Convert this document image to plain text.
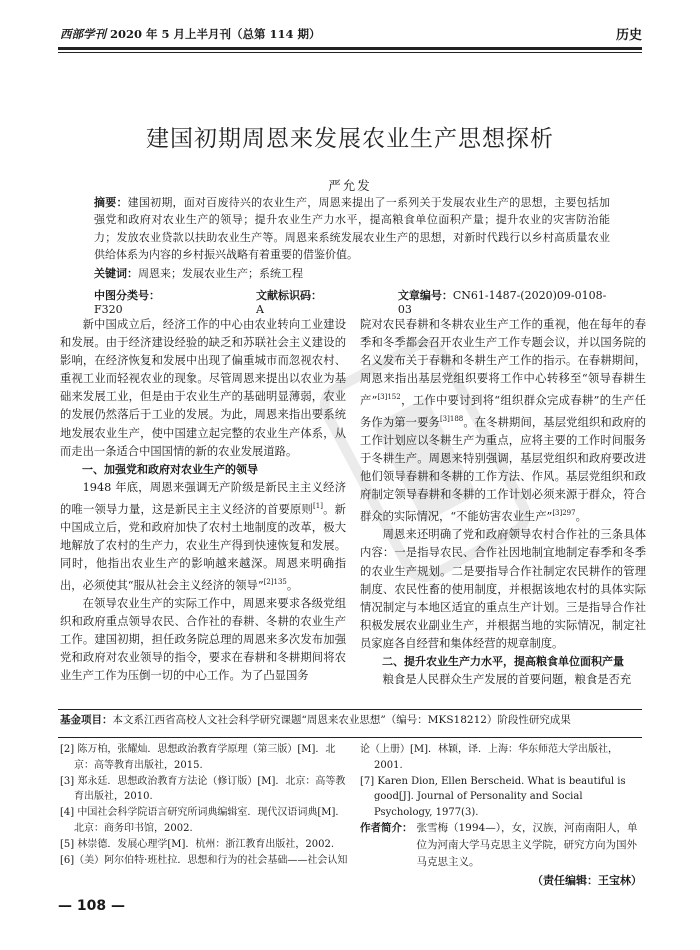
西部学刊 2020 年 5 月上半月刊（总第 114 期）	历史
建国初期周恩来发展农业生产思想探析
严允发
摘要：建国初期，面对百废待兴的农业生产，周恩来提出了一系列关于发展农业生产的思想，主要包括加强党和政府对农业生产的领导；提升农业生产力水平，提高粮食单位面积产量；提升农业的灾害防治能力；发放农业贷款以扶助农业生产等。周恩来系统发展农业生产的思想，对新时代践行以乡村高质量农业供给体系为内容的乡村振兴战略有着重要的借鉴价值。
关键词：周恩来；发展农业生产；系统工程
中图分类号：F320
文献标识码：A
文章编号：CN61-1487-(2020)09-0108-03

新中国成立后，经济工作的中心由农业转向工业建设和发展。由于经济建设经验的缺乏和苏联社会主义建设的影响，在经济恢复和发展中出现了偏重城市而忽视农村、重视工业而轻视农业的现象。尽管周恩来提出以农业为基础来发展工业，但是由于农业生产的基础明显薄弱，农业的发展仍然落后于工业的发展。为此，周恩来指出要系统地发展农业生产，使中国建立起完整的农业生产体系，从而走出一条适合中国国情的新的农业发展道路。

一、加强党和政府对农业生产的领导

1948 年底，周恩来强调无产阶级是新民主主义经济的唯一领导力量，这是新民主主义经济的首要原则[1]。新中国成立后，党和政府加快了农村土地制度的改革，极大地解放了农村的生产力，农业生产得到快速恢复和发展。同时，他指出农业生产的影响越来越深。周恩来明确指出，必须使其“服从社会主义经济的领导”$^{[2]135}$。

在领导农业生产的实际工作中，周恩来要求各级党组织和政府重点领导农民、合作社的春耕、冬耕的农业生产工作。建国初期，担任政务院总理的周恩来多次发布加强党和政府对农业领导的指令，要求在春耕和冬耕期间将农业生产工作为压倒一切的中心工作。为了凸显国务

院对农民春耕和冬耕农业生产工作的重视，他在每年的春季和冬季都会召开农业生产工作专题会议，并以国务院的名义发布关于春耕和冬耕生产工作的指示。在春耕期间，周恩来指出基层党组织要将工作中心转移至“领导春耕生产”$^{[3]152}$，工作中要讨到将“组织群众完成春耕”的生产任务作为第一要务$^{[3]188}$。在冬耕期间，基层党组织和政府的工作计划应以冬耕生产为重点，应将主要的工作时间服务于冬耕生产。周恩来特别强调，基层党组织和政府要改进他们领导春耕和冬耕的工作方法、作风。基层党组织和政府制定领导春耕和冬耕的工作计划必须来源于群众，符合群众的实际情况，“不能妨害农业生产”$^{[3]297}$。

周恩来还明确了党和政府领导农村合作社的三条具体内容：一是指导农民、合作社因地制宜地制定春季和冬季的农业生产规划。二是要指导合作社制定农民耕作的管理制度、农民性畜的使用制度，并根据该地农村的具体实际情况制定与本地区适宜的重点生产计划。三是指导合作社积极发展农业副业生产，并根据当地的实际情况，制定社员家庭各自经营和集体经营的规章制度。

二、提升农业生产力水平，提高粮食单位面积产量

粮食是人民群众生产发展的首要问题，粮食是否充

基金项目：本文系江西省高校人文社会科学研究课题“周恩来农业思想”（编号：MKS18212）阶段性研究成果
[2] 陈万柏，张耀灿．思想政治教育学原理（第三版）[M]．北京：高等教育出版社，2015.
[3] 郑永廷．思想政治教育方法论（修订版）[M]．北京：高等教育出版社，2010.
[4] 中国社会科学院语言研究所词典编辑室．现代汉语词典[M]．北京：商务印书馆，2002.
[5] 林崇德．发展心理学[M]．杭州：浙江教育出版社，2002.
[6]（美）阿尔伯特·班杜拉．思想和行为的社会基础——社会认知
论（上册）[M]．林颖，译．上海：华东师范大学出版社，2001.
[7] Karen Dion, Ellen Berscheid. What is beautiful is good[J]. Journal of Personality and Social Psychology, 1977(3).
作者简介： 张雪梅（1994—），女，汉族，河南南阳人，单位为河南大学马克思主义学院，研究方向为国外马克思主义。
（责任编辑：王宝林）
— 108 —
